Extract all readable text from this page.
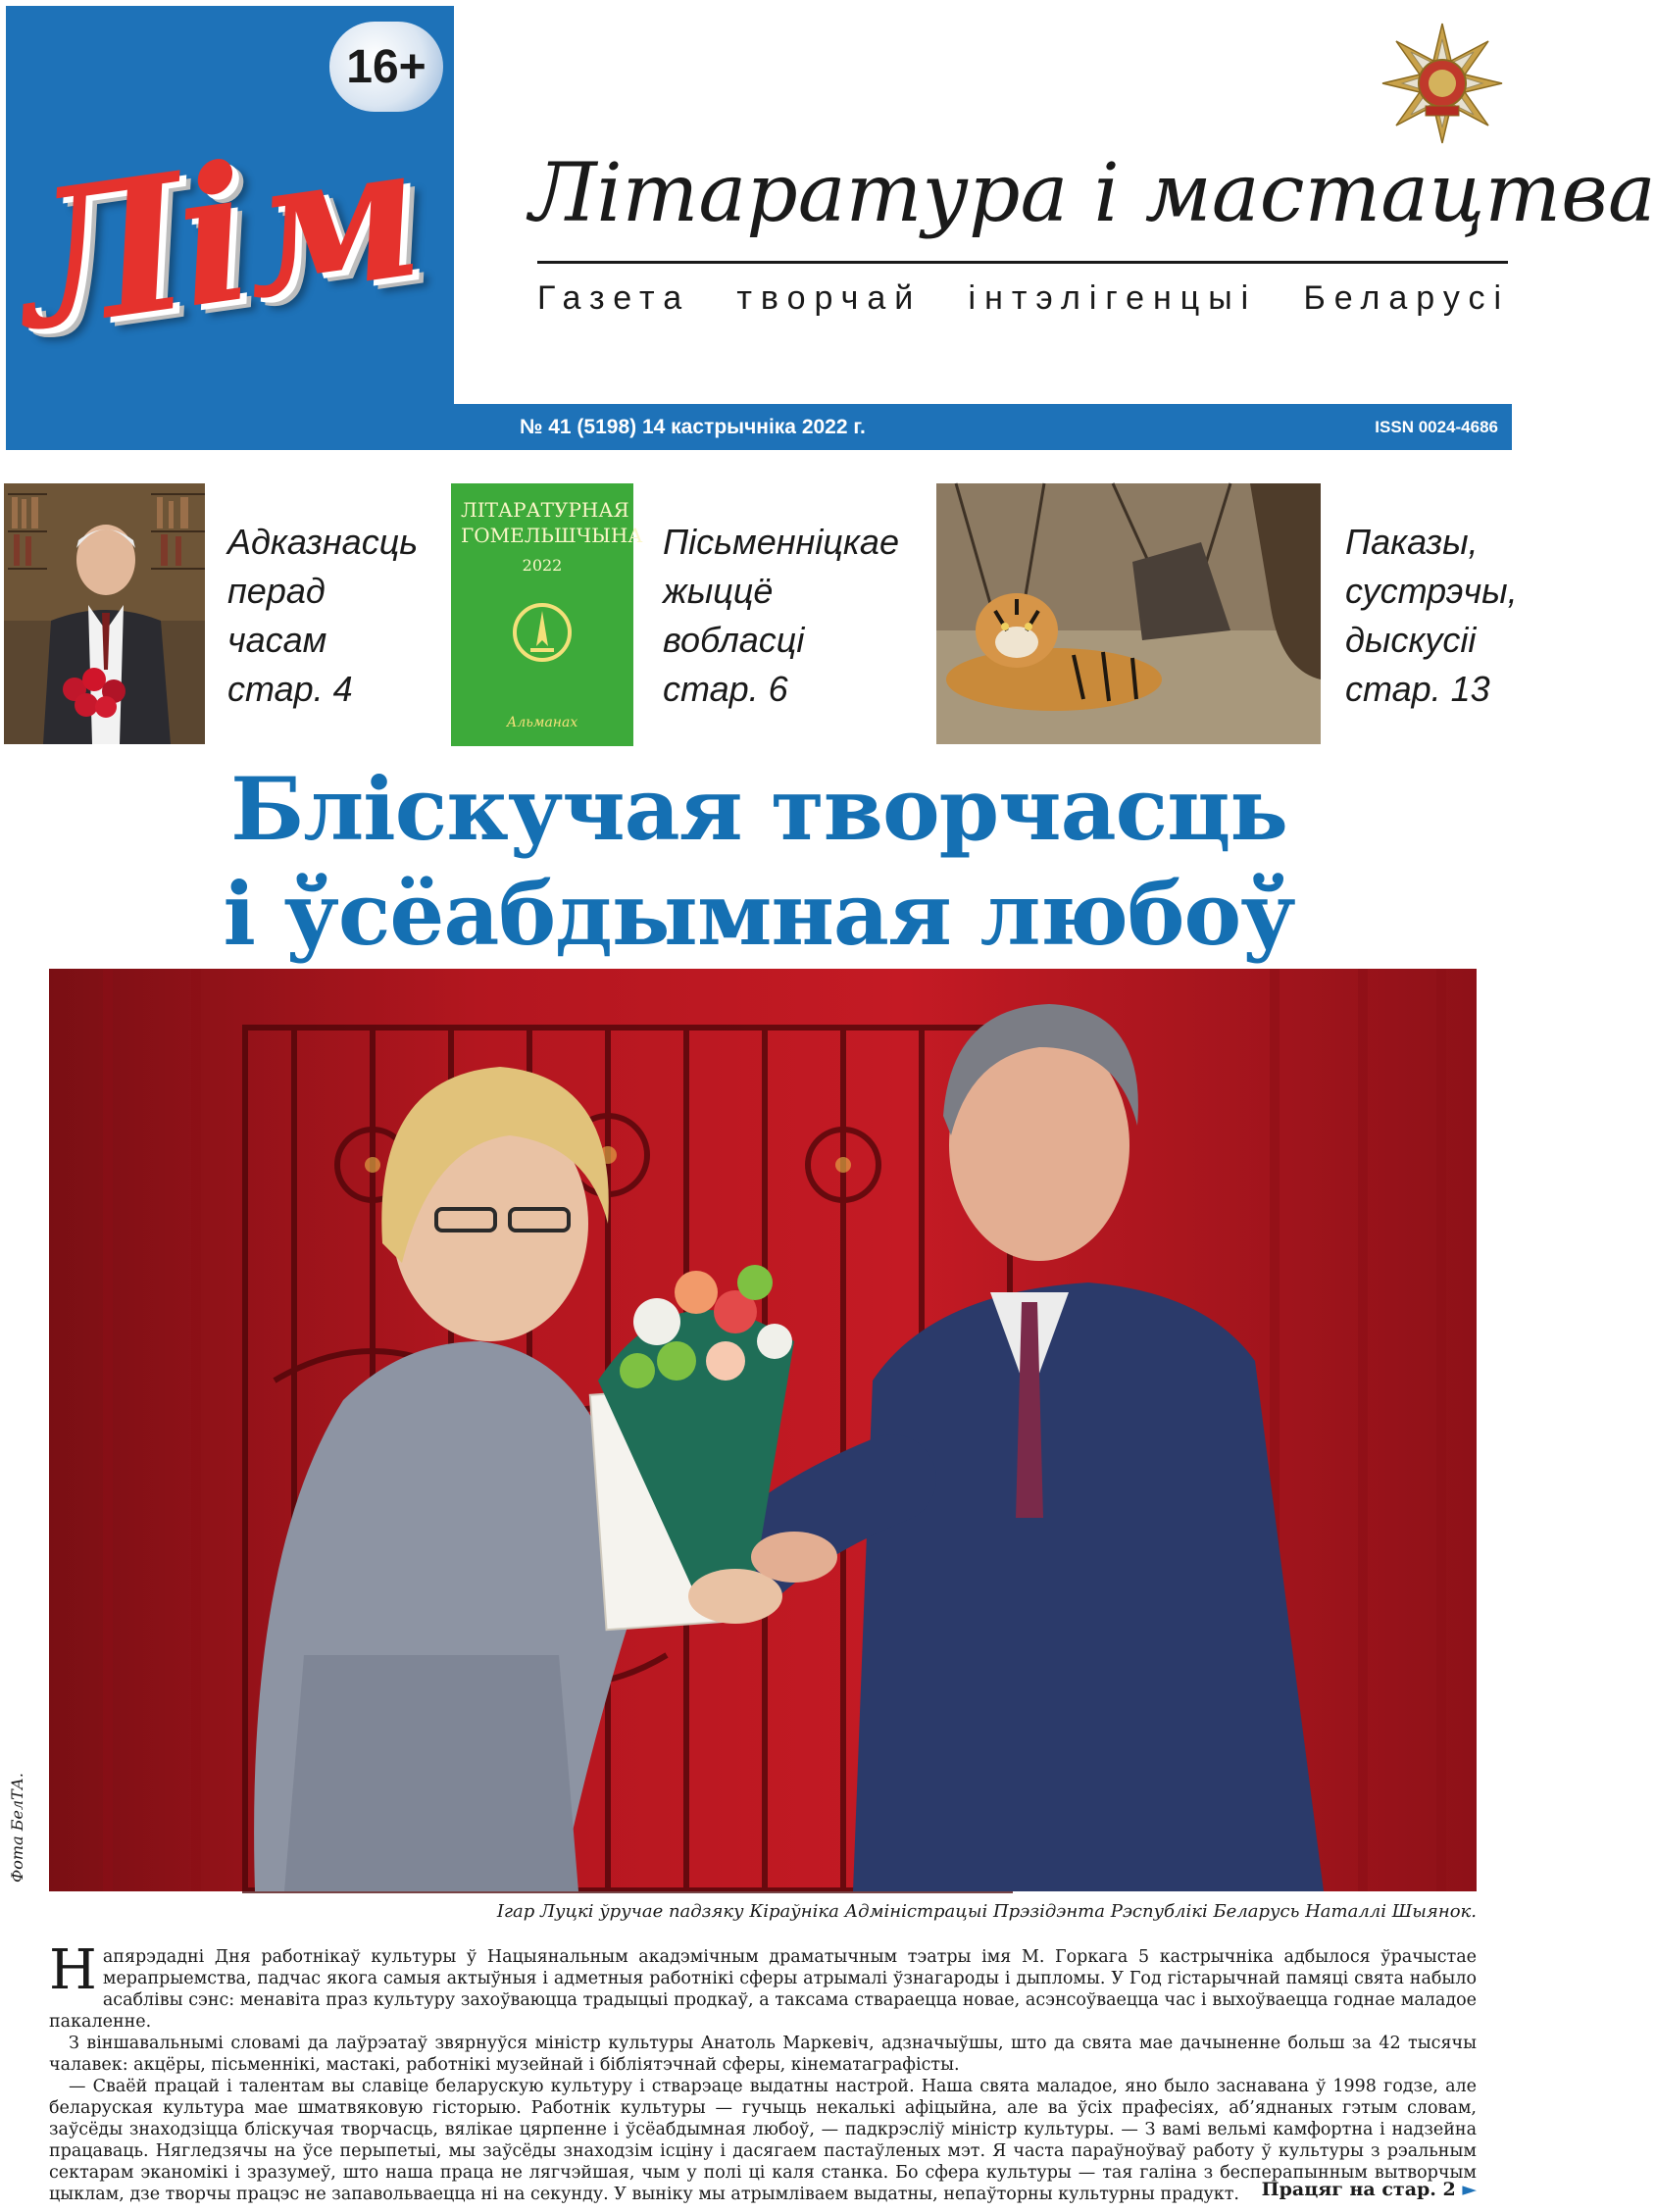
16+
Лім Літаратура і мастацтва
Газета творчай інтэлігенцыі Беларусі
№ 41 (5198) 14 кастрычніка 2022 г.	ISSN 0024-4686
Адказнасць
перад
часам
стар. 4
ЛІТАРАТУРНАЯ ГОМЕЛЬШЧЫНА
2022
Альманах
Пісьменніцкае
жыццё
вобласці
стар. 6
Паказы,
сустрэчы,
дыскусіі
стар. 13
Бліскучая творчасць
і ўсёабдымная любоў
Фота БелТА.
Ігар Луцкі ўручае падзяку Кіраўніка Адміністрацыі Прэзідэнта Рэспублікі Беларусь Наталлі Шыянок.

Напярэдадні Дня работнікаў культуры ў Нацыянальным акадэмічным драматычным тэатры імя М. Горкага 5 кастрычніка адбылося ўрачыстае мерапрыемства, падчас якога самыя актыўныя і адметныя работнікі сферы атрымалі ўзнагароды і дыпломы. У Год гістарычнай памяці свята набыло асаблівы сэнс: менавіта праз культуру захоўваюцца традыцыі продкаў, а таксама ствараецца новае, асэнсоўваецца час і выхоўваецца годнае маладое пакаленне.

З віншавальнымі словамі да лаўрэатаў звярнуўся міністр культуры Анатоль Маркевіч, адзначыўшы, што да свята мае дачыненне больш за 42 тысячы чалавек: акцёры, пісьменнікі, мастакі, работнікі музейнай і бібліятэчнай сферы, кінематаграфісты.

— Сваёй працай і талентам вы славіце беларускую культуру і стварэаце выдатны настрой. Наша свята маладое, яно было заснавана ў 1998 годзе, але беларуская культура мае шматвяковую гісторыю. Работнік культуры — гучыць некалькі афіцыйна, але ва ўсіх прафесіях, аб’яднаных гэтым словам, заўсёды знаходзіцца бліскучая творчасць, вялікае цярпенне і ўсёабдымная любоў, — падкрэсліў міністр культуры. — З вамі вельмі камфортна і надзейна працаваць. Нягледзячы на ўсе перыпетыі, мы заўсёды знаходзім ісціну і дасягаем пастаўленых мэт. Я часта параўноўваў работу ў культуры з рэальным сектарам эканомікі і зразумеў, што наша праца не лягчэйшая, чым у полі ці каля станка. Бо сфера культуры — тая галіна з бесперапынным вытворчым цыклам, дзе творчы працэс не запавольваецца ні на секунду. У выніку мы атрымліваем выдатны, непаўторны культурны прадукт.	Працяг на стар. 2 ►
